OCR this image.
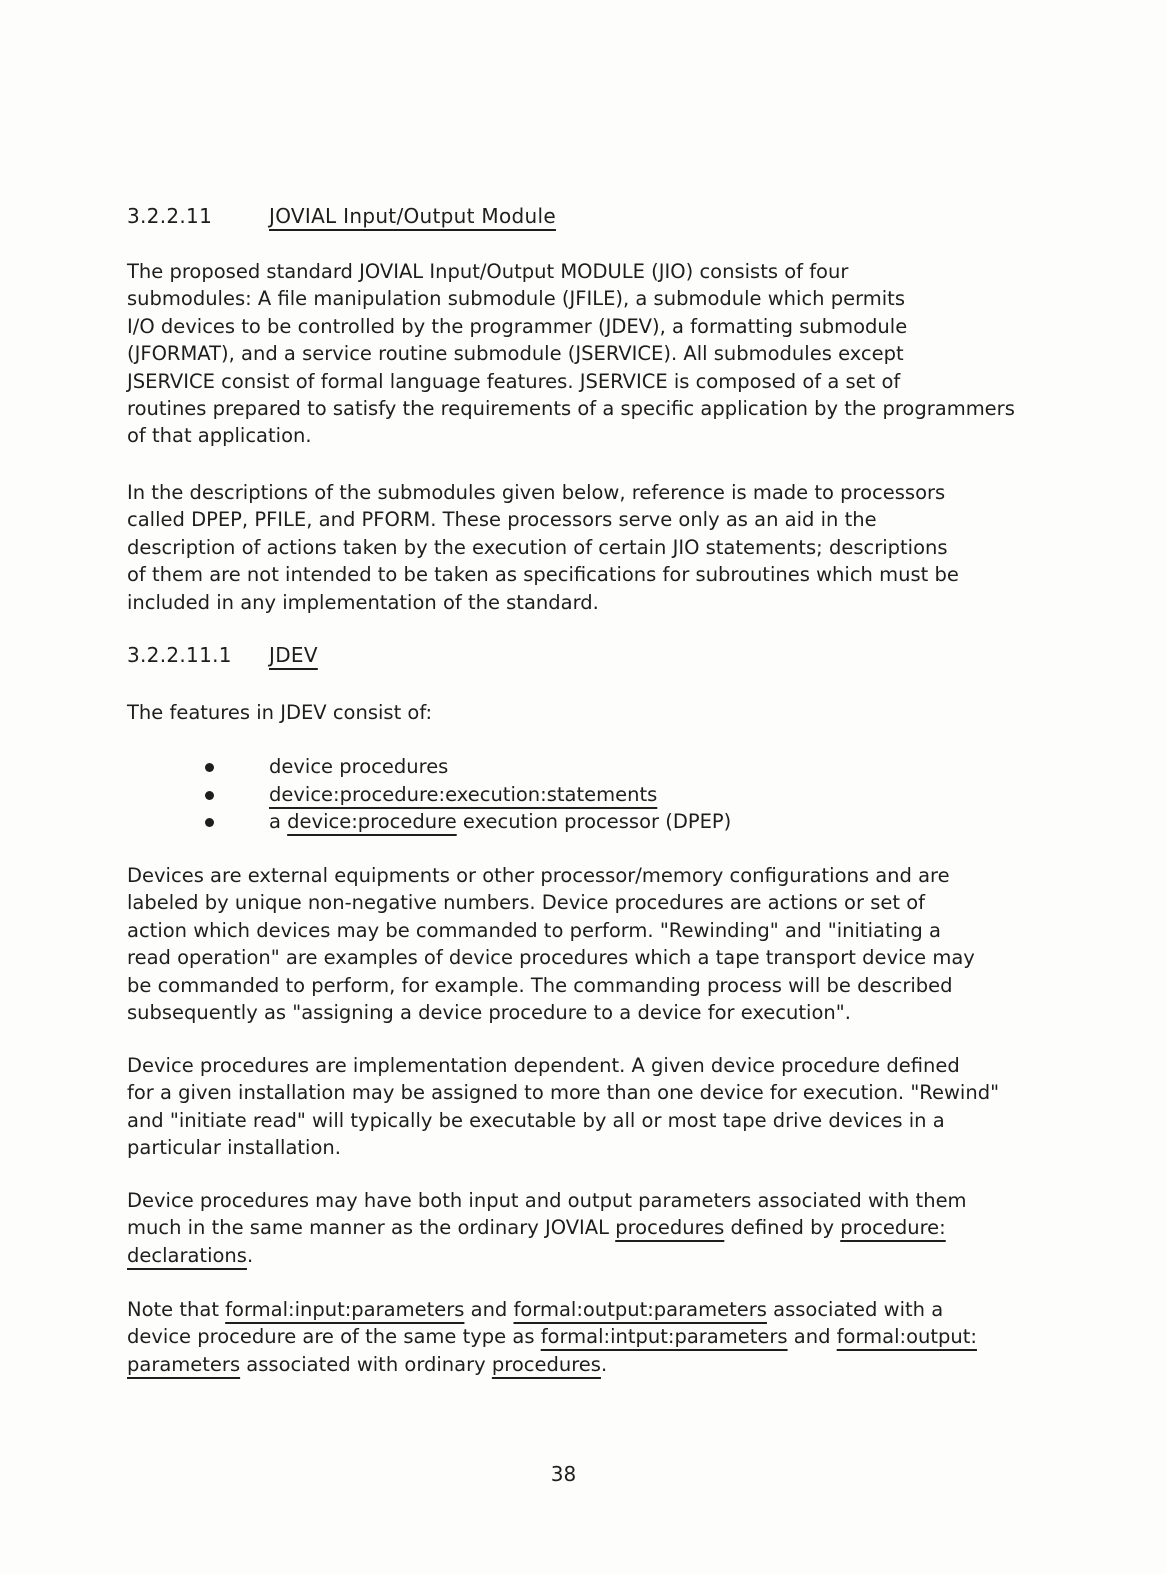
3.2.2.11	JOVIAL Input/Output Module

The proposed standard JOVIAL Input/Output MODULE (JIO) consists of four
submodules: A file manipulation submodule (JFILE), a submodule which permits
I/O devices to be controlled by the programmer (JDEV), a formatting submodule
(JFORMAT), and a service routine submodule (JSERVICE). All submodules except
JSERVICE consist of formal language features. JSERVICE is composed of a set of
routines prepared to satisfy the requirements of a specific application by the programmers
of that application.

In the descriptions of the submodules given below, reference is made to processors
called DPEP, PFILE, and PFORM. These processors serve only as an aid in the
description of actions taken by the execution of certain JIO statements; descriptions
of them are not intended to be taken as specifications for subroutines which must be
included in any implementation of the standard.

3.2.2.11.1 JDEV

The features in JDEV consist of:

device procedures
device:procedure:execution:statements
a device:procedure execution processor (DPEP)

Devices are external equipments or other processor/memory configurations and are
labeled by unique non-negative numbers. Device procedures are actions or set of
action which devices may be commanded to perform. "Rewinding" and "initiating a
read operation" are examples of device procedures which a tape transport device may
be commanded to perform, for example. The commanding process will be described
subsequently as "assigning a device procedure to a device for execution".

Device procedures are implementation dependent. A given device procedure defined
for a given installation may be assigned to more than one device for execution. "Rewind"
and "initiate read" will typically be executable by all or most tape drive devices in a
particular installation.

Device procedures may have both input and output parameters associated with them
much in the same manner as the ordinary JOVIAL procedures defined by procedure:
declarations.

Note that formal:input:parameters and formal:output:parameters associated with a
device procedure are of the same type as formal:intput:parameters and formal:output:
parameters associated with ordinary procedures.

38
